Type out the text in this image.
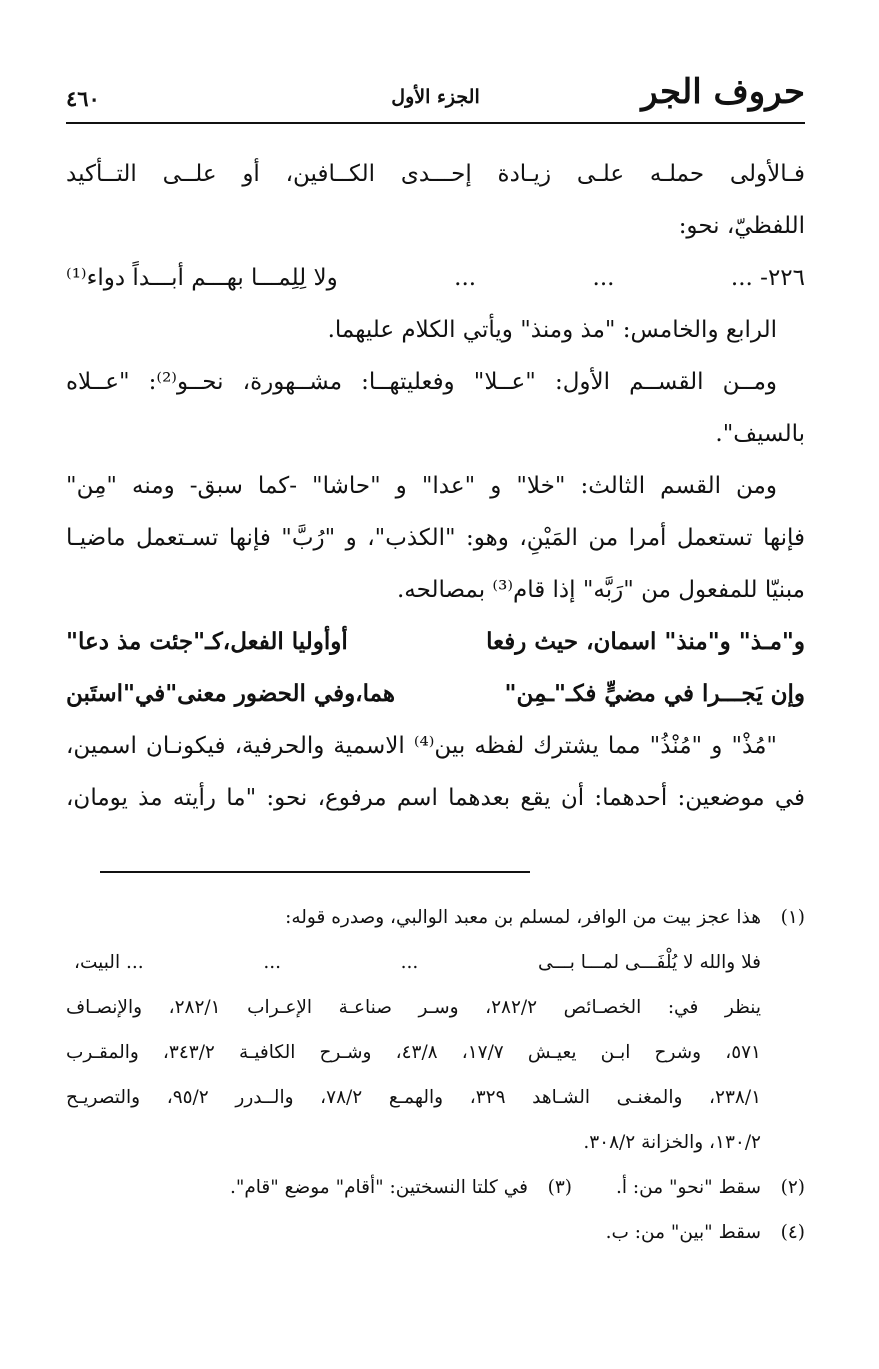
حروف الجر
الجزء الأول
٤٦٠

فـالأولى حملـه علـى زيـادة إحـــدى الكــافين، أو علــى التــأكيد

اللفظيّ، نحو:

٢٢٦- ...
...
...
ولا لِلِمـــا بهـــم أبـــداً دواء⁽¹⁾

الرابع والخامس: "مذ ومنذ" ويأتي الكلام عليهما.

ومــن القســم الأول: "عــلا" وفعليتهــا: مشــهورة، نحــو⁽²⁾: "عــلاه

بالسيف".

ومن القسم الثالث: "خلا" و "عدا" و "حاشا" -كما سبق- ومنه "مِن"

فإنها تستعمل أمرا من المَيْنِ، وهو: "الكذب"، و "رُبَّ" فإنها تسـتعمل ماضيـا

مبنيّا للمفعول من "رَبَّه" إذا قام⁽³⁾ بمصالحه.

و"مـذ" و"منذ" اسمان، حيث رفعا
أوأوليا الفعل،كـ"جئت مذ دعا"
وإن يَجـــرا في مضيٍّ فكـ"ـمِن"
هما،وفي الحضور معنى"في"استَبن

"مُذْ" و "مُنْذُ" مما يشترك لفظه بين⁽⁴⁾ الاسمية والحرفية، فيكونـان اسمين،

في موضعين: أحدهما: أن يقع بعدهما اسم مرفوع، نحو: "ما رأيته مذ يومان،

(١)
هذا عجز بيت من الوافر، لمسلم بن معبد الوالبي، وصدره قوله:
فلا والله لا يُلْفَـــى لمـــا بـــى
...
...
... البيت،
ينظر في: الخصـائص ٢٨٢/٢، وسـر صناعـة الإعـراب ٢٨٢/١، والإنصـاف
٥٧١، وشرح ابـن يعيـش ١٧/٧، ٤٣/٨، وشـرح الكافيـة ٣٤٣/٢، والمقـرب
٢٣٨/١، والمغنـى الشـاهد ٣٢٩، والهمـع ٧٨/٢، والــدرر ٩٥/٢، والتصريـح
١٣٠/٢، والخزانة ٣٠٨/٢.
(٢)
سقط "نحو" من: أ.
(٣)
في كلتا النسختين: "أقام" موضع "قام".
(٤)
سقط "بين" من: ب.
